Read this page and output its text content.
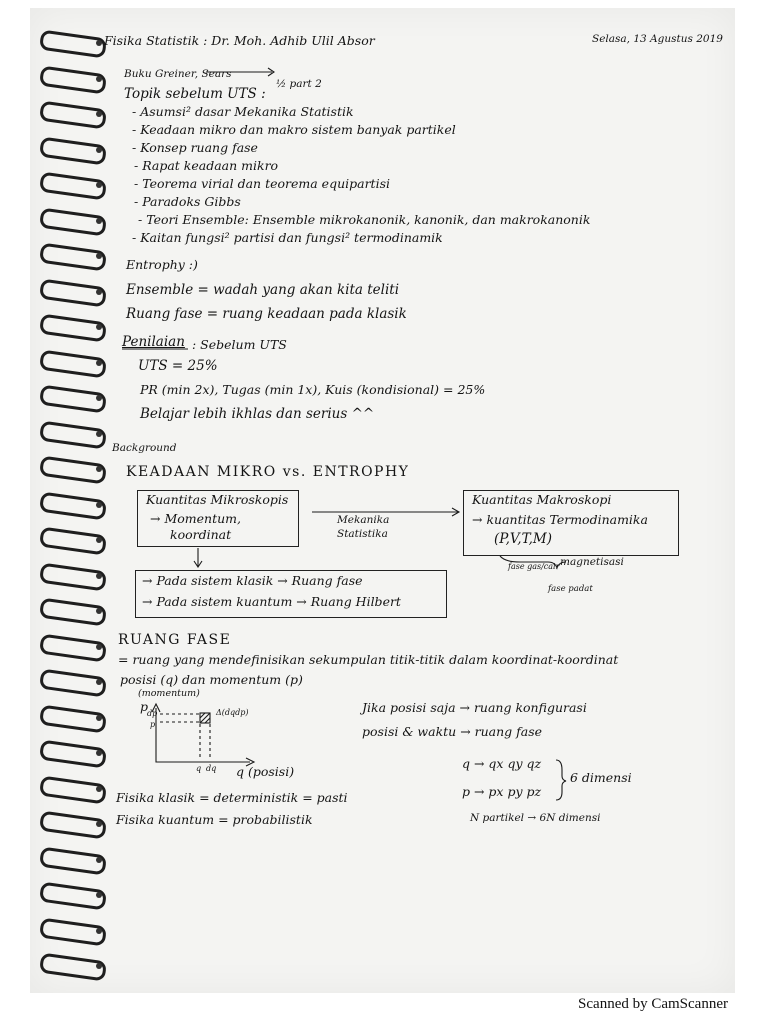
Fisika Statistik : Dr. Moh. Adhib Ulil Absor	Selasa, 13 Agustus 2019
Buku Greiner, Sears
½ part 2
Topik sebelum UTS :
- Asumsi² dasar Mekanika Statistik
- Keadaan mikro dan makro sistem banyak partikel
- Konsep ruang fase
- Rapat keadaan mikro
- Teorema virial dan teorema equipartisi
- Paradoks Gibbs
- Teori Ensemble: Ensemble mikrokanonik, kanonik, dan makrokanonik
- Kaitan fungsi² partisi dan fungsi² termodinamik
Entrophy :)
Ensemble = wadah yang akan kita teliti
Ruang fase = ruang keadaan pada klasik
Penilaian : Sebelum UTS
UTS = 25%
PR (min 2x), Tugas (min 1x), Kuis (kondisional) = 25%
Belajar lebih ikhlas dan serius ^^
Background
KEADAAN MIKRO vs. ENTROPHY
Kuantitas Mikroskopis
→ Momentum,
koordinat
Mekanika
Statistika
Kuantitas Makroskopi
→ kuantitas Termodinamika
(P,V,T,M)
fase gas/cair magnetisasi
fase padat
→ Pada sistem klasik → Ruang fase
→ Pada sistem kuantum → Ruang Hilbert
RUANG FASE
= ruang yang mendefinisikan sekumpulan titik-titik dalam koordinat-koordinat
posisi (q) dan momentum (p)
(momentum)
p
dp
p
q dq
Δ(dqdp)
q (posisi)
Jika posisi saja → ruang konfigurasi
posisi & waktu → ruang fase
q → qx qy qz
p → px py pz
6 dimensi
N partikel → 6N dimensi
Fisika klasik = deterministik = pasti
Fisika kuantum = probabilistik
Scanned by CamScanner
